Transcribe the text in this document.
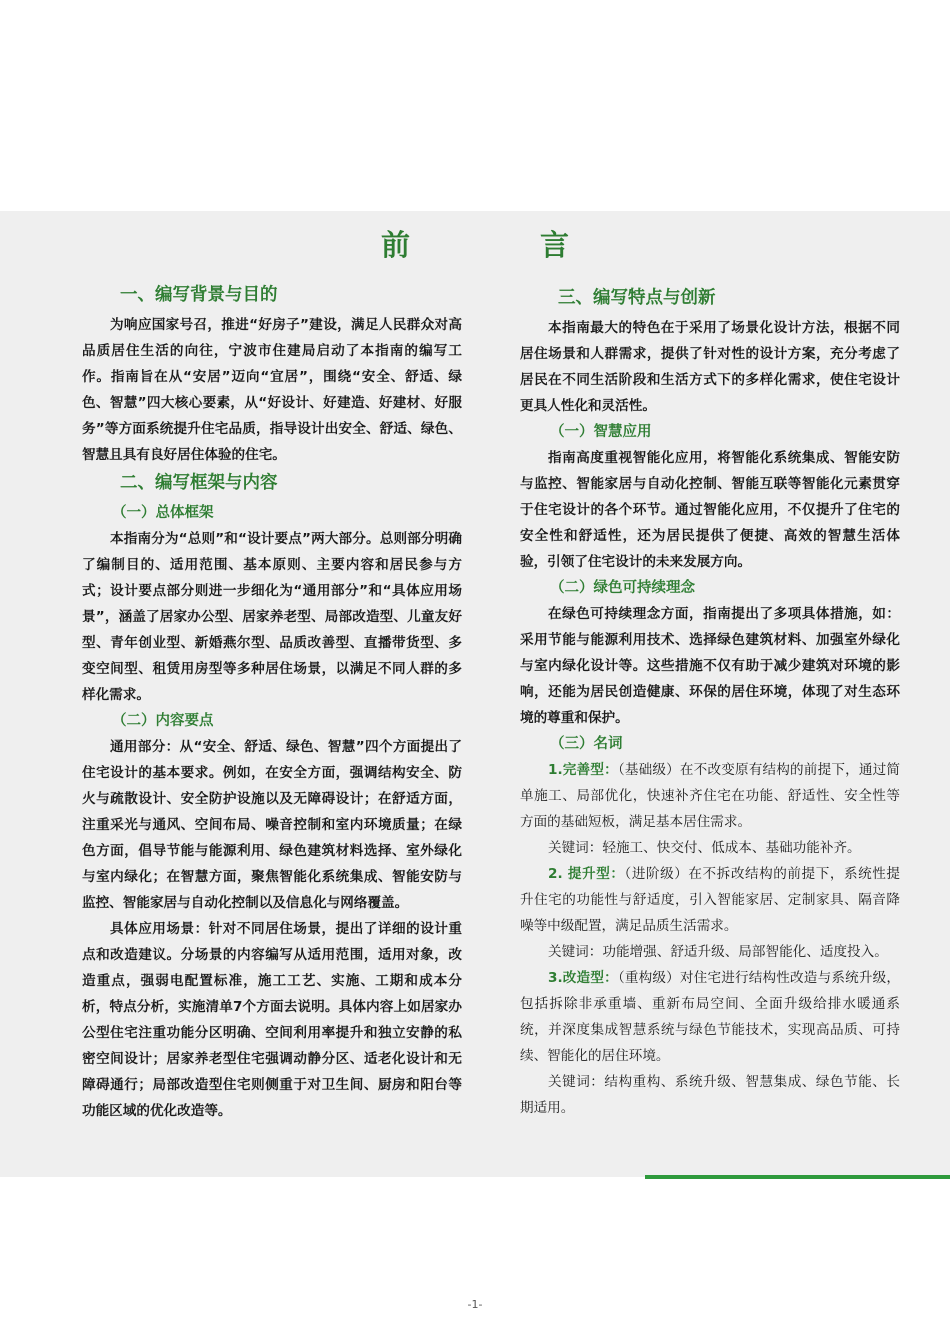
前 言
一、编写背景与目的

为响应国家号召，推进“好房子”建设，满足人民群众对高品质居住生活的向往，宁波市住建局启动了本指南的编写工作。指南旨在从“安居”迈向“宜居”，围绕“安全、舒适、绿色、智慧”四大核心要素，从“好设计、好建造、好建材、好服务”等方面系统提升住宅品质，指导设计出安全、舒适、绿色、智慧且具有良好居住体验的住宅。

二、编写框架与内容
（一）总体框架

本指南分为“总则”和“设计要点”两大部分。总则部分明确了编制目的、适用范围、基本原则、主要内容和居民参与方式；设计要点部分则进一步细化为“通用部分”和“具体应用场景”，涵盖了居家办公型、居家养老型、局部改造型、儿童友好型、青年创业型、新婚燕尔型、品质改善型、直播带货型、多变空间型、租赁用房型等多种居住场景，以满足不同人群的多样化需求。

（二）内容要点

通用部分：从“安全、舒适、绿色、智慧”四个方面提出了住宅设计的基本要求。例如，在安全方面，强调结构安全、防火与疏散设计、安全防护设施以及无障碍设计；在舒适方面，注重采光与通风、空间布局、噪音控制和室内环境质量；在绿色方面，倡导节能与能源利用、绿色建筑材料选择、室外绿化与室内绿化；在智慧方面，聚焦智能化系统集成、智能安防与监控、智能家居与自动化控制以及信息化与网络覆盖。

具体应用场景：针对不同居住场景，提出了详细的设计重点和改造建议。分场景的内容编写从适用范围，适用对象，改造重点，强弱电配置标准，施工工艺、实施、工期和成本分析，特点分析，实施清单7个方面去说明。具体内容上如居家办公型住宅注重功能分区明确、空间利用率提升和独立安静的私密空间设计；居家养老型住宅强调动静分区、适老化设计和无障碍通行；局部改造型住宅则侧重于对卫生间、厨房和阳台等功能区域的优化改造等。

三、编写特点与创新

本指南最大的特色在于采用了场景化设计方法，根据不同居住场景和人群需求，提供了针对性的设计方案，充分考虑了居民在不同生活阶段和生活方式下的多样化需求，使住宅设计更具人性化和灵活性。

（一）智慧应用

指南高度重视智能化应用，将智能化系统集成、智能安防与监控、智能家居与自动化控制、智能互联等智能化元素贯穿于住宅设计的各个环节。通过智能化应用，不仅提升了住宅的安全性和舒适性，还为居民提供了便捷、高效的智慧生活体验，引领了住宅设计的未来发展方向。

（二）绿色可持续理念

在绿色可持续理念方面，指南提出了多项具体措施，如：采用节能与能源利用技术、选择绿色建筑材料、加强室外绿化与室内绿化设计等。这些措施不仅有助于减少建筑对环境的影响，还能为居民创造健康、环保的居住环境，体现了对生态环境的尊重和保护。

（三）名词

1.完善型：（基础级）在不改变原有结构的前提下，通过简单施工、局部优化，快速补齐住宅在功能、舒适性、安全性等方面的基础短板，满足基本居住需求。

关键词：轻施工、快交付、低成本、基础功能补齐。

2. 提升型：（进阶级）在不拆改结构的前提下，系统性提升住宅的功能性与舒适度，引入智能家居、定制家具、隔音降噪等中级配置，满足品质生活需求。

关键词：功能增强、舒适升级、局部智能化、适度投入。

3.改造型：（重构级）对住宅进行结构性改造与系统升级，包括拆除非承重墙、重新布局空间、全面升级给排水暖通系统，并深度集成智慧系统与绿色节能技术，实现高品质、可持续、智能化的居住环境。

关键词：结构重构、系统升级、智慧集成、绿色节能、长期适用。

-1-
